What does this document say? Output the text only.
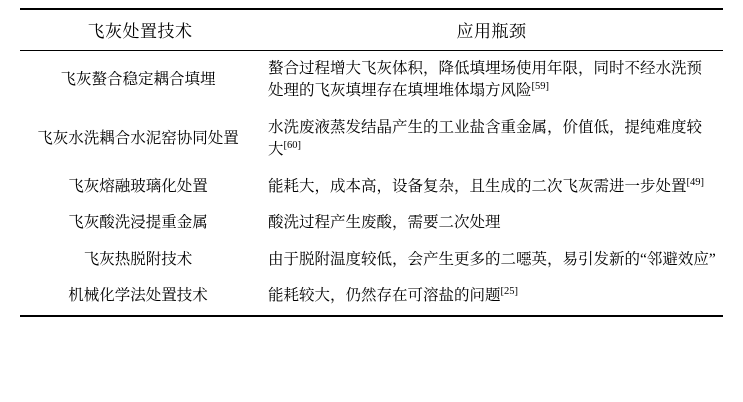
飞灰处置技术	应用瓶颈
飞灰螯合稳定耦合填埋	螯合过程增大飞灰体积，降低填埋场使用年限，同时不经水洗预处理的飞灰填埋存在填埋堆体塌方风险[59]
飞灰水洗耦合水泥窑协同处置	水洗废液蒸发结晶产生的工业盐含重金属，价值低，提纯难度较大[60]
飞灰熔融玻璃化处置	能耗大，成本高，设备复杂，且生成的二次飞灰需进一步处置[49]
飞灰酸洗浸提重金属	酸洗过程产生废酸，需要二次处理
飞灰热脱附技术	由于脱附温度较低，会产生更多的二噁英，易引发新的“邻避效应”
机械化学法处置技术	能耗较大，仍然存在可溶盐的问题[25]
